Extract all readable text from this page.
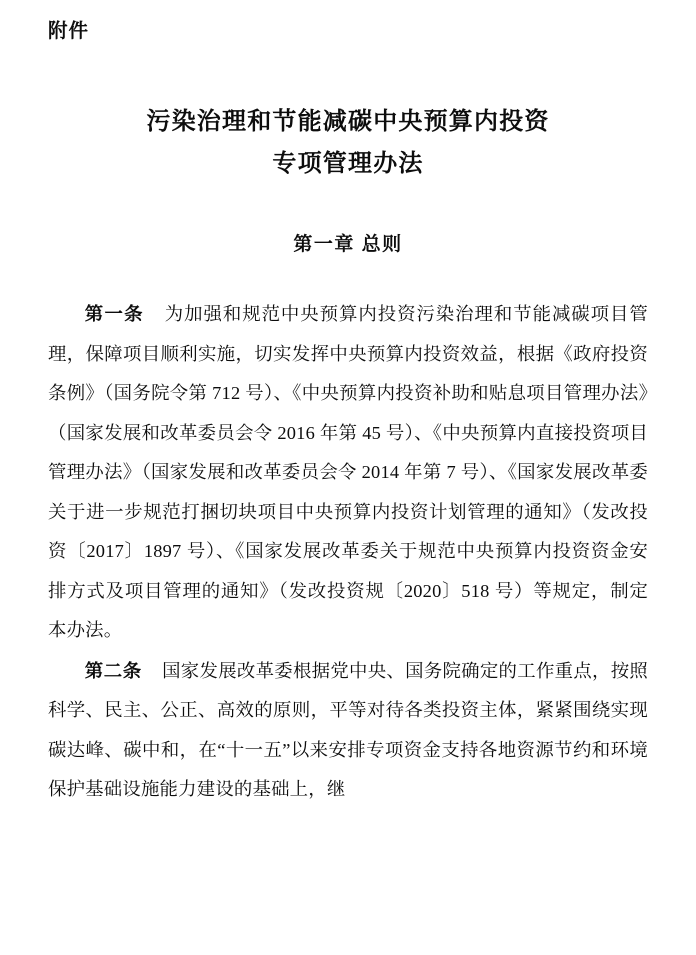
附件
污染治理和节能减碳中央预算内投资
专项管理办法
第一章 总则

第一条 为加强和规范中央预算内投资污染治理和节能减碳项目管理，保障项目顺利实施，切实发挥中央预算内投资效益，根据《政府投资条例》（国务院令第 712 号）、《中央预算内投资补助和贴息项目管理办法》（国家发展和改革委员会令 2016 年第 45 号）、《中央预算内直接投资项目管理办法》（国家发展和改革委员会令 2014 年第 7 号）、《国家发展改革委关于进一步规范打捆切块项目中央预算内投资计划管理的通知》（发改投资〔2017〕1897 号）、《国家发展改革委关于规范中央预算内投资资金安排方式及项目管理的通知》（发改投资规〔2020〕518 号）等规定，制定本办法。

第二条 国家发展改革委根据党中央、国务院确定的工作重点，按照科学、民主、公正、高效的原则，平等对待各类投资主体，紧紧围绕实现碳达峰、碳中和，在“十一五”以来安排专项资金支持各地资源节约和环境保护基础设施能力建设的基础上，继
